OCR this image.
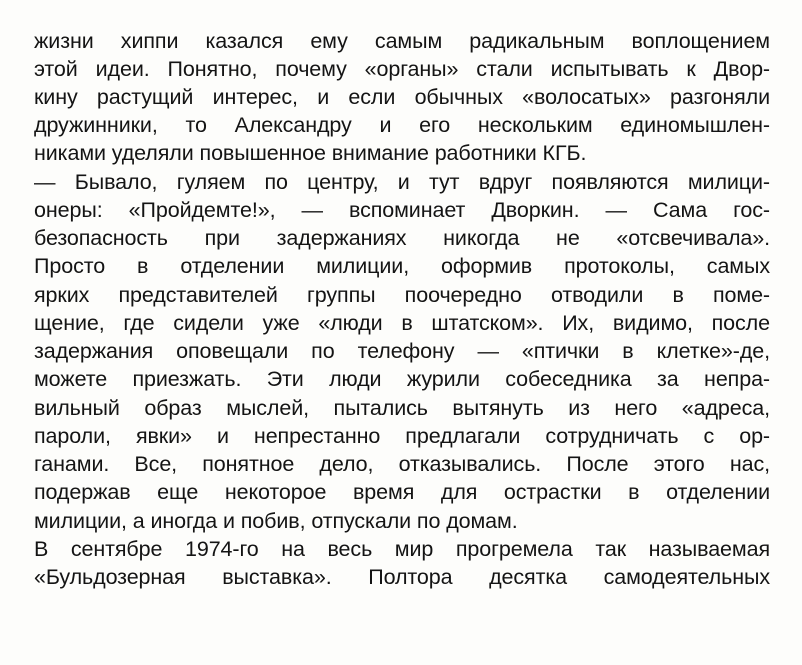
жизни хиппи казался ему самым радикальным воплощением
этой идеи. Понятно, почему «органы» стали испытывать к Двор-
кину растущий интерес, и если обычных «волосатых» разгоняли
дружинники, то Александру и его нескольким единомышлен-
никами уделяли повышенное внимание работники КГБ.
— Бывало, гуляем по центру, и тут вдруг появляются милици-
онеры: «Пройдемте!», — вспоминает Дворкин. — Сама гос-
безопасность при задержаниях никогда не «отсвечивала».
Просто в отделении милиции, оформив протоколы, самых
ярких представителей группы поочередно отводили в поме-
щение, где сидели уже «люди в штатском». Их, видимо, после
задержания оповещали по телефону — «птички в клетке»-де,
можете приезжать. Эти люди журили собеседника за непра-
вильный образ мыслей, пытались вытянуть из него «адреса,
пароли, явки» и непрестанно предлагали сотрудничать с ор-
ганами. Все, понятное дело, отказывались. После этого нас,
подержав еще некоторое время для острастки в отделении
милиции, а иногда и побив, отпускали по домам.
В сентябре 1974-го на весь мир прогремела так называемая
«Бульдозерная выставка». Полтора десятка самодеятельных
